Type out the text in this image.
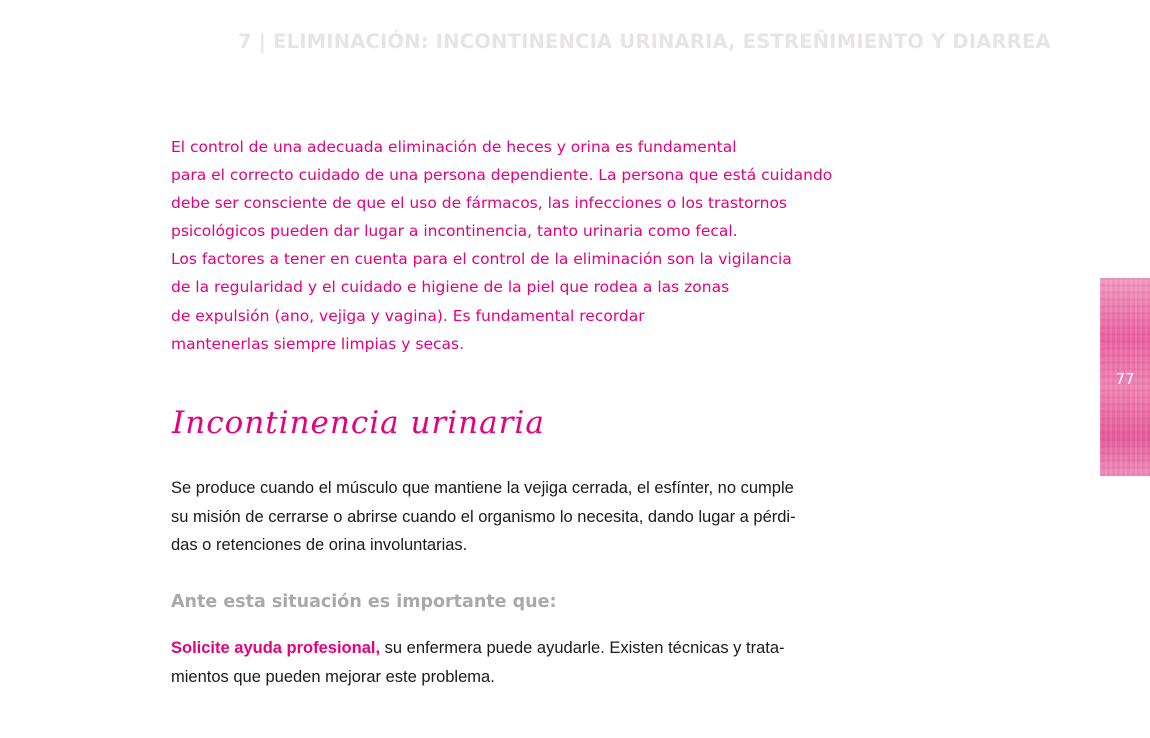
7 | ELIMINACIÓN: INCONTINENCIA URINARIA, ESTREÑIMIENTO Y DIARREA
El control de una adecuada eliminación de heces y orina es fundamental
para el correcto cuidado de una persona dependiente. La persona que está cuidando
debe ser consciente de que el uso de fármacos, las infecciones o los trastornos
psicológicos pueden dar lugar a incontinencia, tanto urinaria como fecal.
Los factores a tener en cuenta para el control de la eliminación son la vigilancia
de la regularidad y el cuidado e higiene de la piel que rodea a las zonas
de expulsión (ano, vejiga y vagina). Es fundamental recordar
mantenerlas siempre limpias y secas.
Incontinencia urinaria
Se produce cuando el músculo que mantiene la vejiga cerrada, el esfínter, no cumple
su misión de cerrarse o abrirse cuando el organismo lo necesita, dando lugar a pérdi-
das o retenciones de orina involuntarias.
Ante esta situación es importante que:
Solicite ayuda profesional, su enfermera puede ayudarle. Existen técnicas y trata-
mientos que pueden mejorar este problema.
77
